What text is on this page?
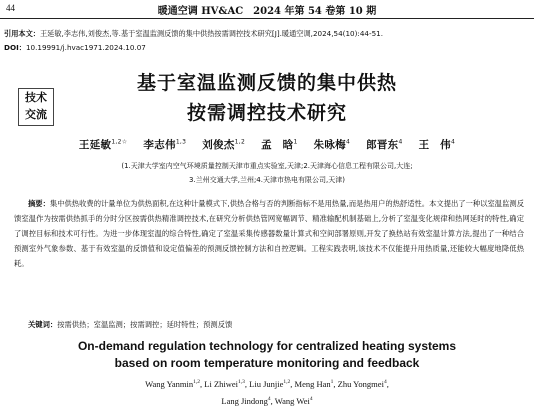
44	暖通空调 HV&AC　2024 年第 54 卷第 10 期
引用本文：王延敏,李志伟,刘俊杰,等.基于室温监测反馈的集中供热按需调控技术研究[J].暖通空调,2024,54(10):44-51.
DOI：10.19991/j.hvac1971.2024.10.07
技术
交流
基于室温监测反馈的集中供热
按需调控技术研究
王延敏$^{1,2☆}$ 李志伟$^{1,3}$ 刘俊杰$^{1,2}$ 孟　晗$^1$ 朱咏梅$^4$ 郎晋东$^4$ 王　伟$^4$
(1.天津大学室内空气环境质量控制天津市重点实验室,天津;2.天津海心信息工程有限公司,大连;
3.兰州交通大学,兰州;4.天津市热电有限公司,天津)
摘要：集中供热收费的计量单位为供热面积,在这种计量模式下,供热合格与否的判断指标不是用热量,而是热用户的热舒适性。本文提出了一种以室温监测反馈室温作为按需供热抓手的分时分区按需供热精准调控技术,在研究分析供热管网宽幅调节、精准输配机制基础上,分析了室温变化规律和热网延时的特性,确定了调控目标和技术可行性。为进一步体现室温的综合特性,确定了室温采集传感器数量计算式和空间部署原则,开发了换热站有效室温计算方法,提出了一种结合预测室外气象参数、基于有效室温的反馈值和设定值偏差的预测反馈控制方法和自控逻辑。工程实践表明,该技术不仅能提升用热质量,还能较大幅度地降低热耗。
关键词：按需供热；室温监测；按需调控；延时特性；预测反馈
On-demand regulation technology for centralized heating systems
based on room temperature monitoring and feedback
Wang Yanmin$^{1,2}$, Li Zhiwei$^{1,3}$, Liu Junjie$^{1,2}$, Meng Han$^1$, Zhu Yongmei$^4$,
Lang Jindong$^4$, Wang Wei$^4$
